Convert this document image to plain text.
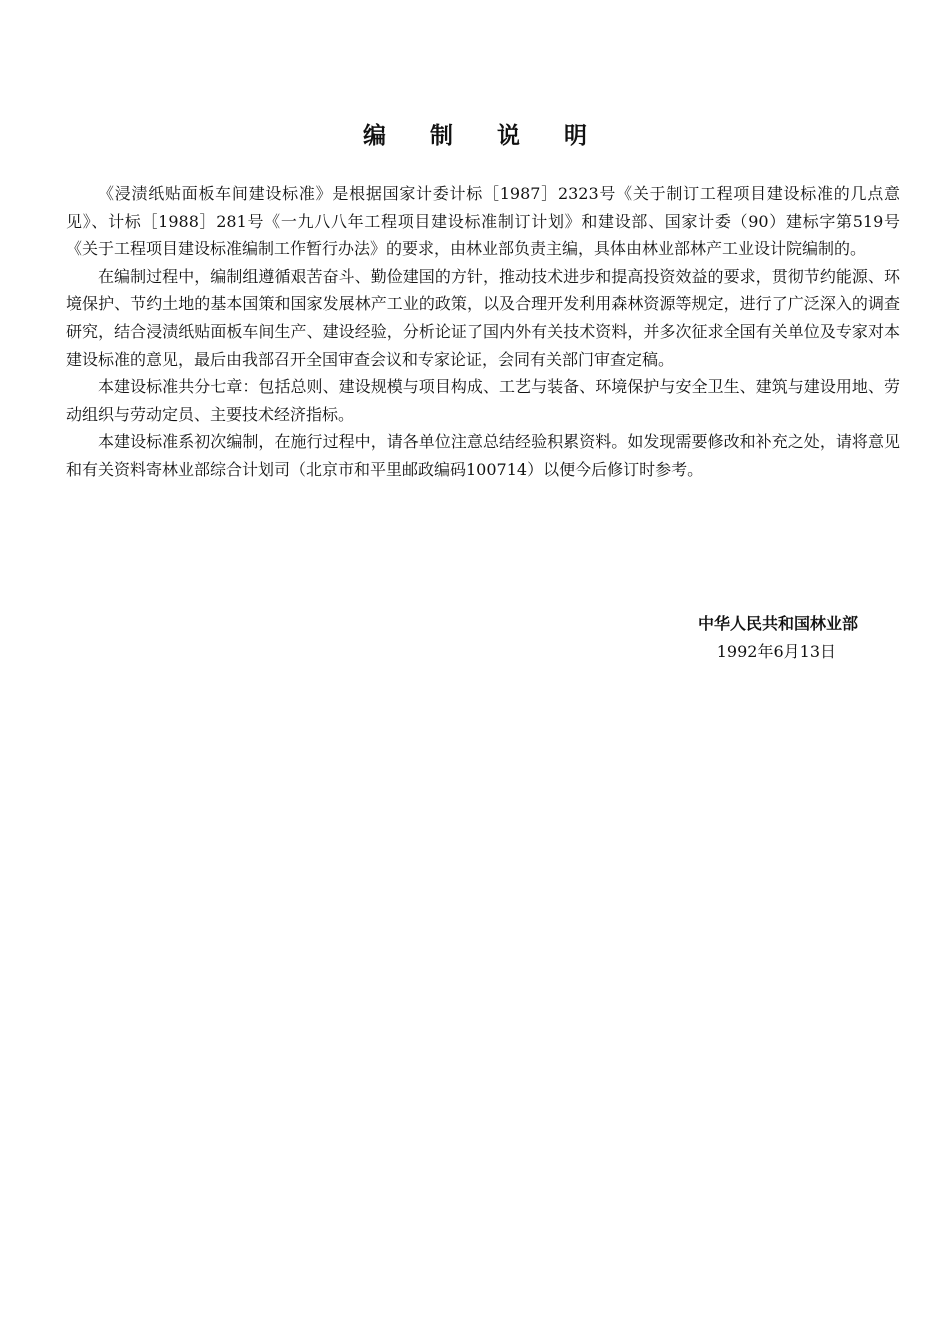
编 制 说 明

《浸渍纸贴面板车间建设标准》是根据国家计委计标［1987］2323号《关于制订工程项目建设标准的几点意见》、计标［1988］281号《一九八八年工程项目建设标准制订计划》和建设部、国家计委（90）建标字第519号《关于工程项目建设标准编制工作暂行办法》的要求，由林业部负责主编，具体由林业部林产工业设计院编制的。

在编制过程中，编制组遵循艰苦奋斗、勤俭建国的方针，推动技术进步和提高投资效益的要求，贯彻节约能源、环境保护、节约土地的基本国策和国家发展林产工业的政策，以及合理开发利用森林资源等规定，进行了广泛深入的调查研究，结合浸渍纸贴面板车间生产、建设经验，分析论证了国内外有关技术资料，并多次征求全国有关单位及专家对本建设标准的意见，最后由我部召开全国审查会议和专家论证，会同有关部门审查定稿。

本建设标准共分七章：包括总则、建设规模与项目构成、工艺与装备、环境保护与安全卫生、建筑与建设用地、劳动组织与劳动定员、主要技术经济指标。

本建设标准系初次编制，在施行过程中，请各单位注意总结经验积累资料。如发现需要修改和补充之处，请将意见和有关资料寄林业部综合计划司（北京市和平里邮政编码100714）以便今后修订时参考。

中华人民共和国林业部
1992年6月13日
